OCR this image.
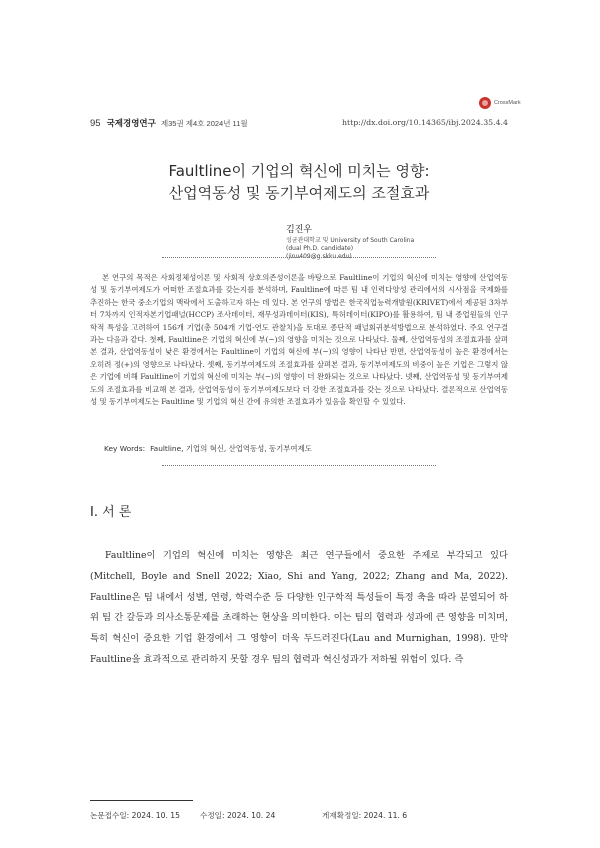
CrossMark
95 국제경영연구 제35권 제4호 2024년 11월	http://dx.doi.org/10.14365/ibj.2024.35.4.4
Faultline이 기업의 혁신에 미치는 영향:
산업역동성 및 동기부여제도의 조절효과
김진우
성균관대학교 및 University of South Carolina
(dual Ph.D. candidate)
(jinu409@g.skku.edu)

본 연구의 목적은 사회정체성이론 및 사회적 상호의존성이론을 바탕으로 Faultline이 기업의 혁신에 미치는 영향에 산업역동성 및 동기부여제도가 어떠한 조절효과를 갖는지를 분석하며, Faultline에 따른 팀 내 인력다양성 관리에서의 시사점을 국제화를 추진하는 한국 중소기업의 맥락에서 도출하고자 하는 데 있다. 본 연구의 방법은 한국직업능력개발원(KRIVET)에서 제공된 3차부터 7차까지 인적자본기업패널(HCCP) 조사데이터, 재무성과데이터(KIS), 특허데이터(KIPO)를 활용하여, 팀 내 종업원들의 인구학적 특성을 고려하여 156개 기업(총 504개 기업-연도 관찰치)을 토대로 종단적 패널회귀분석방법으로 분석하였다. 주요 연구결과는 다음과 같다. 첫째, Faultline은 기업의 혁신에 부(−)의 영향을 미치는 것으로 나타났다. 둘째, 산업역동성의 조절효과를 살펴본 결과, 산업역동성이 낮은 환경에서는 Faultline이 기업의 혁신에 부(−)의 영향이 나타난 반면, 산업역동성이 높은 환경에서는 오히려 정(+)의 영향으로 나타났다. 셋째, 동기부여제도의 조절효과를 살펴본 결과, 동기부여제도의 비중이 높은 기업은 그렇지 않은 기업에 비해 Faultline이 기업의 혁신에 미치는 부(−)의 영향이 더 완화되는 것으로 나타났다. 넷째, 산업역동성 및 동기부여제도의 조절효과를 비교해 본 결과, 산업역동성이 동기부여제도보다 더 강한 조절효과를 갖는 것으로 나타났다. 결론적으로 산업역동성 및 동기부여제도는 Faultline 및 기업의 혁신 간에 유의한 조절효과가 있음을 확인할 수 있었다.

Key Words: Faultline, 기업의 혁신, 산업역동성, 동기부여제도
Ⅰ. 서 론

Faultline이 기업의 혁신에 미치는 영향은 최근 연구들에서 중요한 주제로 부각되고 있다(Mitchell, Boyle and Snell 2022; Xiao, Shi and Yang, 2022; Zhang and Ma, 2022). Faultline은 팀 내에서 성별, 연령, 학력수준 등 다양한 인구학적 특성들이 특정 축을 따라 분열되어 하위 팀 간 갈등과 의사소통문제를 초래하는 현상을 의미한다. 이는 팀의 협력과 성과에 큰 영향을 미치며, 특히 혁신이 중요한 기업 환경에서 그 영향이 더욱 두드러진다(Lau and Murnighan, 1998). 만약 Faultline을 효과적으로 관리하지 못할 경우 팀의 협력과 혁신성과가 저하될 위험이 있다. 즉

논문접수일: 2024. 10. 15	수정일: 2024. 10. 24	게재확정일: 2024. 11. 6
